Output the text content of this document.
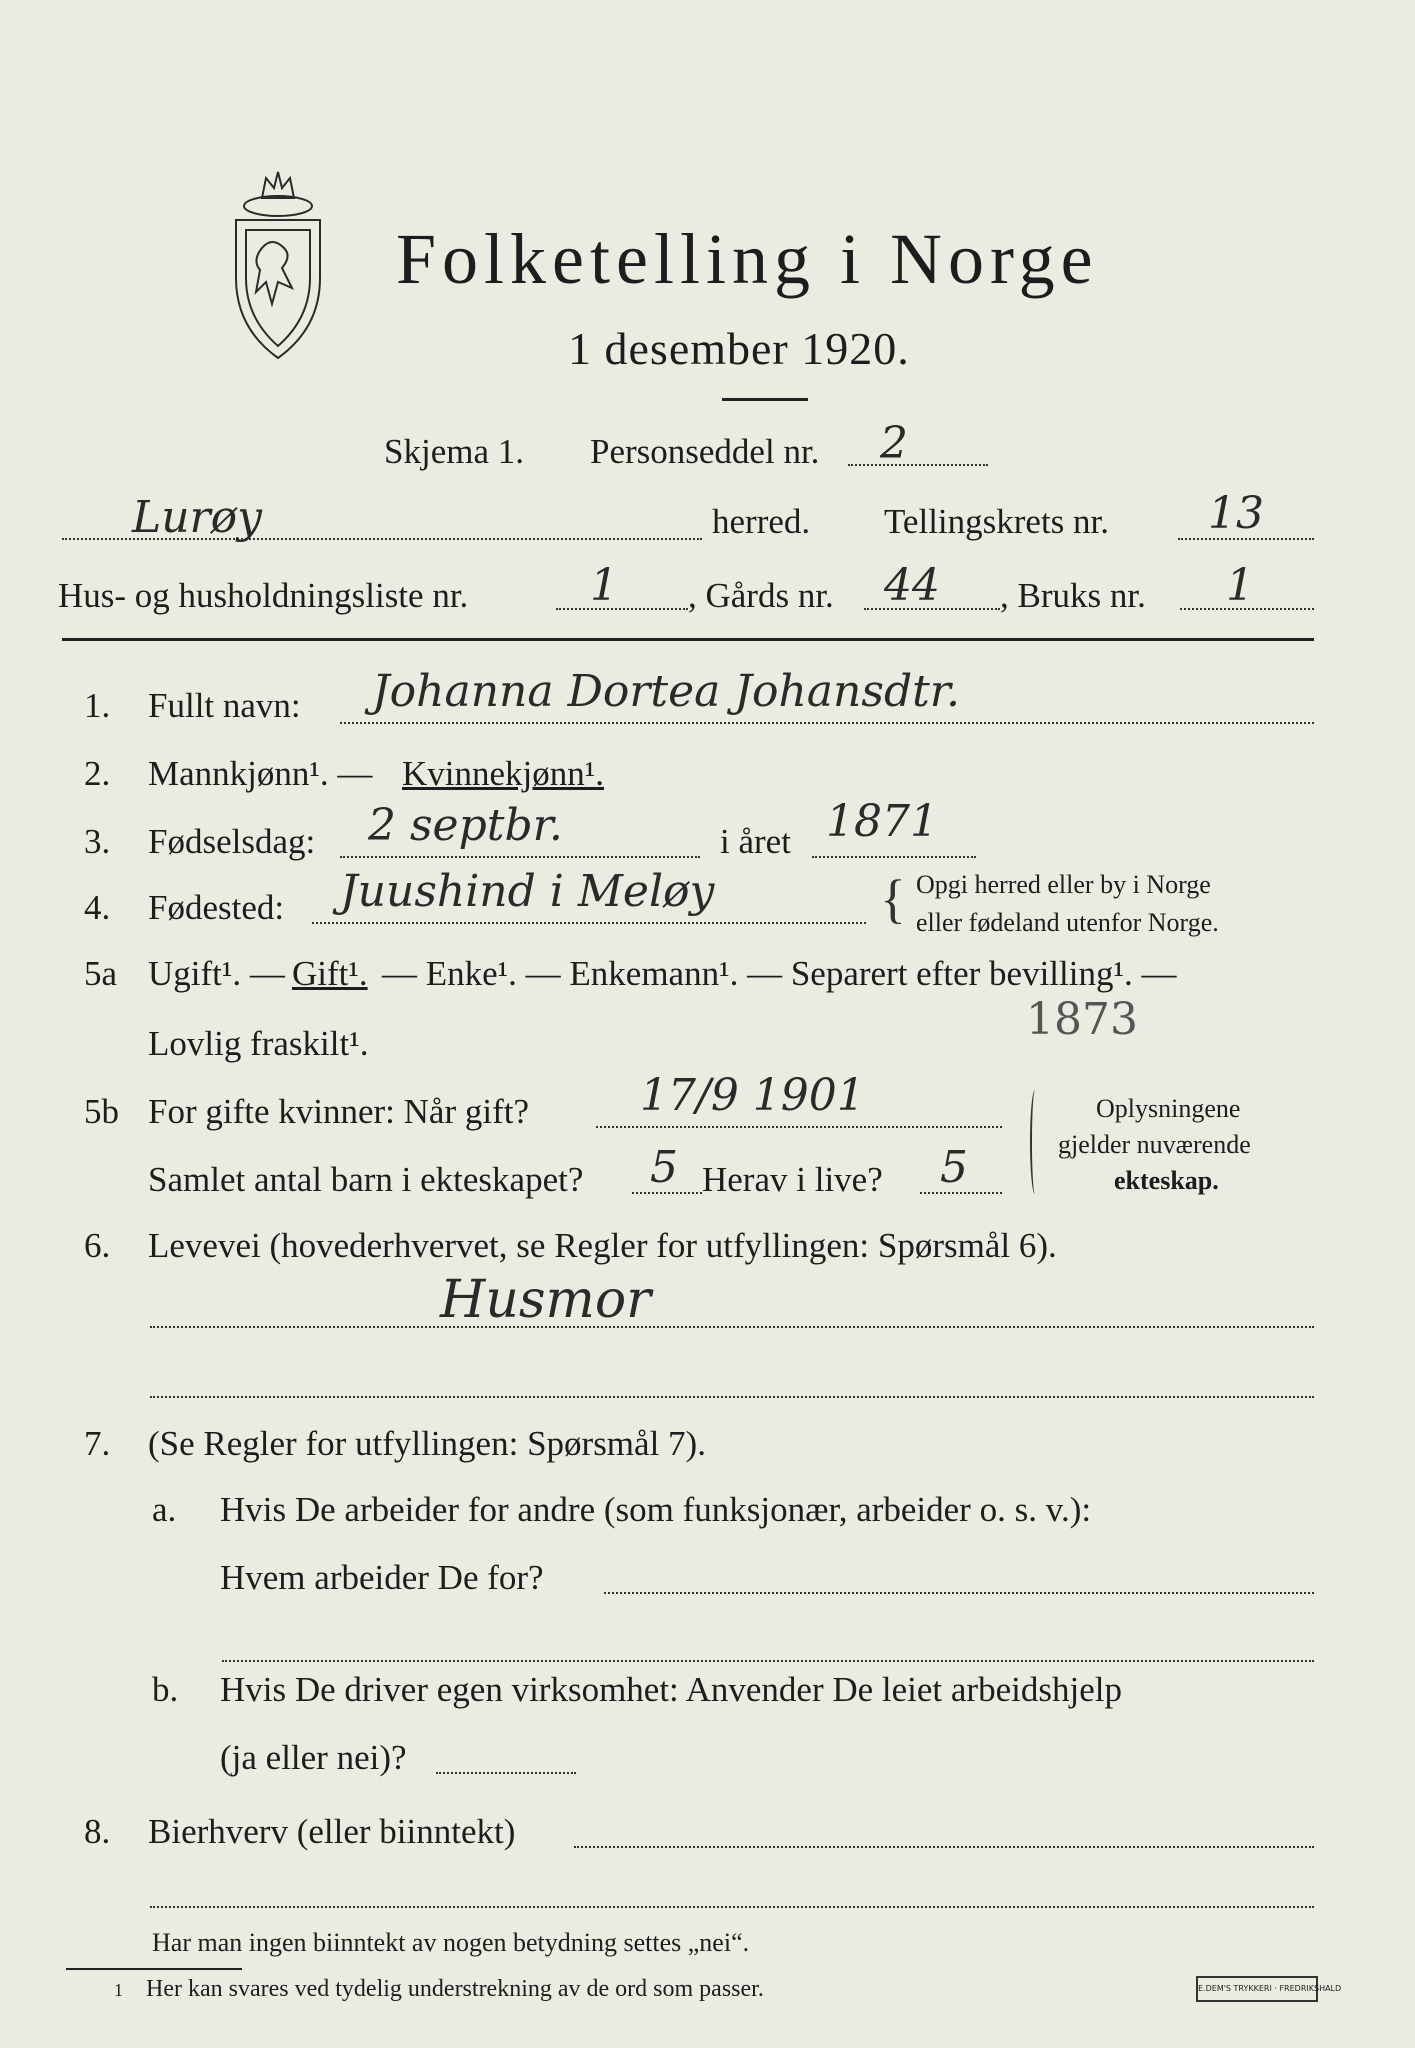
Folketelling i Norge
1 desember 1920.
Skjema 1. Personseddel nr. 2
Lurøy	herred. Tellingskrets nr. 13
Hus- og husholdningsliste nr.	1 , Gårds nr. 44 , Bruks nr. 1
1. Fullt navn: Johanna Dortea Johansdtr.
2. Mannkjønn¹. — Kvinnekjønn¹.
3. Fødselsdag: 2 septbr.	i året 1871
4. Fødested: Juushind i Meløy	{ Opgi herred eller by i Norge
eller fødeland utenfor Norge.
5a Ugift¹. — Gift¹. — Enke¹. — Enkemann¹. — Separert efter bevilling¹. —
Lovlig fraskilt¹.	1873
5b For gifte kvinner: Når gift?	17/9 1901
Samlet antal barn i ekteskapet? 5 Herav i live? 5
Oplysningene
gjelder nuværende
ekteskap.
6. Levevei (hovederhvervet, se Regler for utfyllingen: Spørsmål 6).
Husmor
7. (Se Regler for utfyllingen: Spørsmål 7).
a. Hvis De arbeider for andre (som funksjonær, arbeider o. s. v.):
Hvem arbeider De for?
b. Hvis De driver egen virksomhet: Anvender De leiet arbeidshjelp
(ja eller nei)?
8. Bierhverv (eller biinntekt)
Har man ingen biinntekt av nogen betydning settes „nei“.
1 Her kan svares ved tydelig understrekning av de ord som passer.	E.DEM'S TRYKKERI · FREDRIKSHALD
